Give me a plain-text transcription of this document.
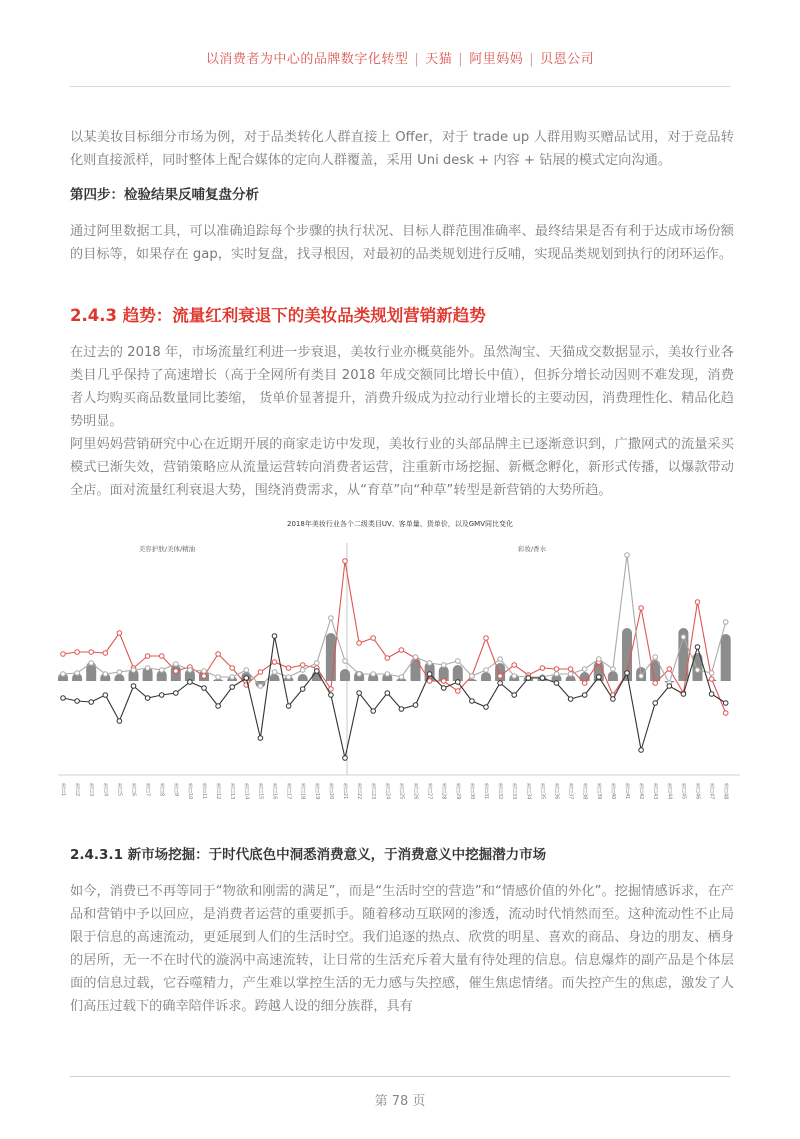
以消费者为中心的品牌数字化转型 | 天猫 | 阿里妈妈 | 贝恩公司
以某美妆目标细分市场为例，对于品类转化人群直接上 Offer，对于 trade up 人群用购买赠品试用，对于竞品转化则直接派样，同时整体上配合媒体的定向人群覆盖，采用 Uni desk + 内容 + 钻展的模式定向沟通。
第四步：检验结果反哺复盘分析
通过阿里数据工具，可以准确追踪每个步骤的执行状况、目标人群范围准确率、最终结果是否有利于达成市场份额的目标等，如果存在 gap，实时复盘，找寻根因，对最初的品类规划进行反哺，实现品类规划到执行的闭环运作。
2.4.3 趋势：流量红利衰退下的美妆品类规划营销新趋势
在过去的 2018 年，市场流量红利进一步衰退，美妆行业亦概莫能外。虽然淘宝、天猫成交数据显示，美妆行业各类目几乎保持了高速增长（高于全网所有类目 2018 年成交额同比增长中值），但拆分增长动因则不难发现，消费者人均购买商品数量同比萎缩， 货单价显著提升，消费升级成为拉动行业增长的主要动因，消费理性化、精品化趋势明显。
阿里妈妈营销研究中心在近期开展的商家走访中发现，美妆行业的头部品牌主已逐渐意识到，广撒网式的流量采买模式已渐失效，营销策略应从流量运营转向消费者运营，注重新市场挖掘、新概念孵化，新形式传播，以爆款带动全店。面对流量红利衰退大势，围绕消费需求，从“育草”向“种草”转型是新营销的大势所趋。
2018年美妆行业各个二级类目UV、客单量、货单价，以及GMV同比变化
美容护肤/美体/精油	彩妆/香水
类目1 类目2 类目3 类目4 类目5 类目6 类目7 类目8 类目9 类目10 类目11 类目12 类目13 类目14 类目15 类目16 类目17 类目18 类目19 类目20 类目21 类目22 类目23 类目24 类目25 类目26 类目27 类目28 类目29 类目30 类目31 类目32 类目33 类目34 类目35 类目36 类目37 类目38 类目39 类目40 类目41 类目42 类目43 类目44 类目45 类目46 类目47 类目48
2.4.3.1 新市场挖掘：于时代底色中洞悉消费意义，于消费意义中挖掘潜力市场
如今，消费已不再等同于“物欲和刚需的满足”，而是“生活时空的营造”和“情感价值的外化”。挖掘情感诉求，在产品和营销中予以回应，是消费者运营的重要抓手。随着移动互联网的渗透，流动时代悄然而至。这种流动性不止局限于信息的高速流动，更延展到人们的生活时空。我们追逐的热点、欣赏的明星、喜欢的商品、身边的朋友、栖身的居所，无一不在时代的漩涡中高速流转，让日常的生活充斥着大量有待处理的信息。信息爆炸的副产品是个体层面的信息过载，它吞噬精力，产生难以掌控生活的无力感与失控感，催生焦虑情绪。而失控产生的焦虑，激发了人们高压过载下的确幸陪伴诉求。跨越人设的细分族群，具有
第 78 页
